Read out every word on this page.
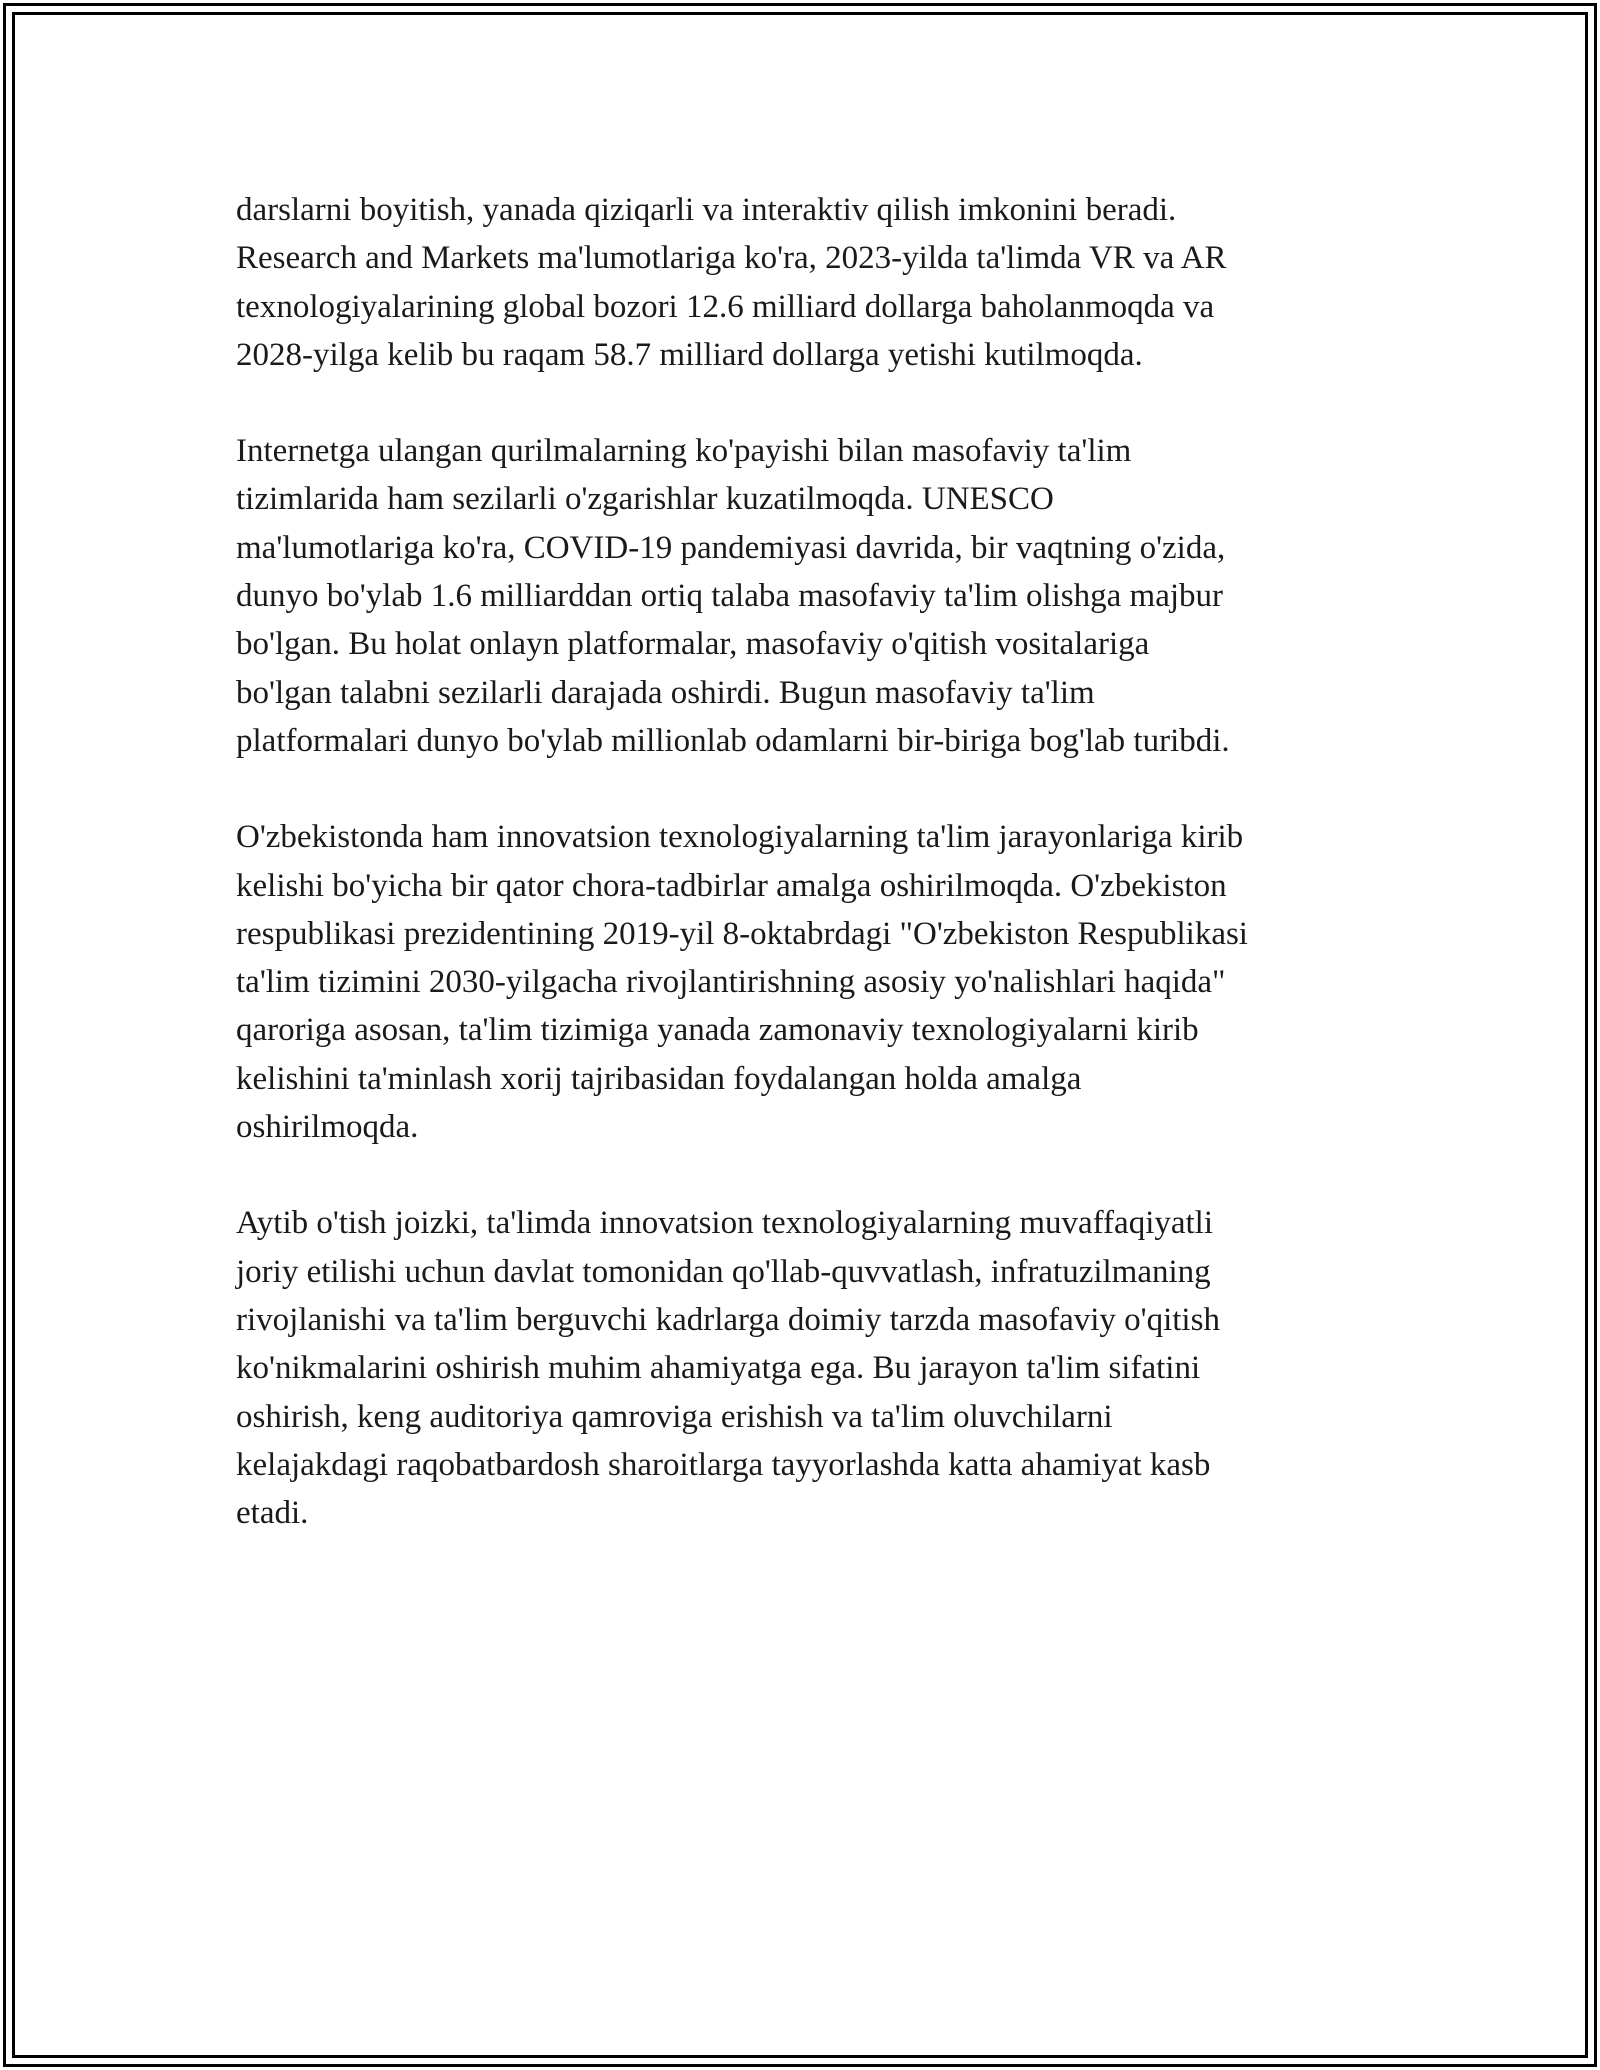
darslarni boyitish, yanada qiziqarli va interaktiv qilish imkonini beradi.
Research and Markets ma'lumotlariga ko'ra, 2023-yilda ta'limda VR va AR
texnologiyalarining global bozori 12.6 milliard dollarga baholanmoqda va
2028-yilga kelib bu raqam 58.7 milliard dollarga yetishi kutilmoqda.

Internetga ulangan qurilmalarning ko'payishi bilan masofaviy ta'lim
tizimlarida ham sezilarli o'zgarishlar kuzatilmoqda. UNESCO
ma'lumotlariga ko'ra, COVID-19 pandemiyasi davrida, bir vaqtning o'zida,
dunyo bo'ylab 1.6 milliarddan ortiq talaba masofaviy ta'lim olishga majbur
bo'lgan. Bu holat onlayn platformalar, masofaviy o'qitish vositalariga
bo'lgan talabni sezilarli darajada oshirdi. Bugun masofaviy ta'lim
platformalari dunyo bo'ylab millionlab odamlarni bir-biriga bog'lab turibdi.

O'zbekistonda ham innovatsion texnologiyalarning ta'lim jarayonlariga kirib
kelishi bo'yicha bir qator chora-tadbirlar amalga oshirilmoqda. O'zbekiston
respublikasi prezidentining 2019-yil 8-oktabrdagi "O'zbekiston Respublikasi
ta'lim tizimini 2030-yilgacha rivojlantirishning asosiy yo'nalishlari haqida"
qaroriga asosan, ta'lim tizimiga yanada zamonaviy texnologiyalarni kirib
kelishini ta'minlash xorij tajribasidan foydalangan holda amalga
oshirilmoqda.

Aytib o'tish joizki, ta'limda innovatsion texnologiyalarning muvaffaqiyatli
joriy etilishi uchun davlat tomonidan qo'llab-quvvatlash, infratuzilmaning
rivojlanishi va ta'lim berguvchi kadrlarga doimiy tarzda masofaviy o'qitish
ko'nikmalarini oshirish muhim ahamiyatga ega. Bu jarayon ta'lim sifatini
oshirish, keng auditoriya qamroviga erishish va ta'lim oluvchilarni
kelajakdagi raqobatbardosh sharoitlarga tayyorlashda katta ahamiyat kasb
etadi.
